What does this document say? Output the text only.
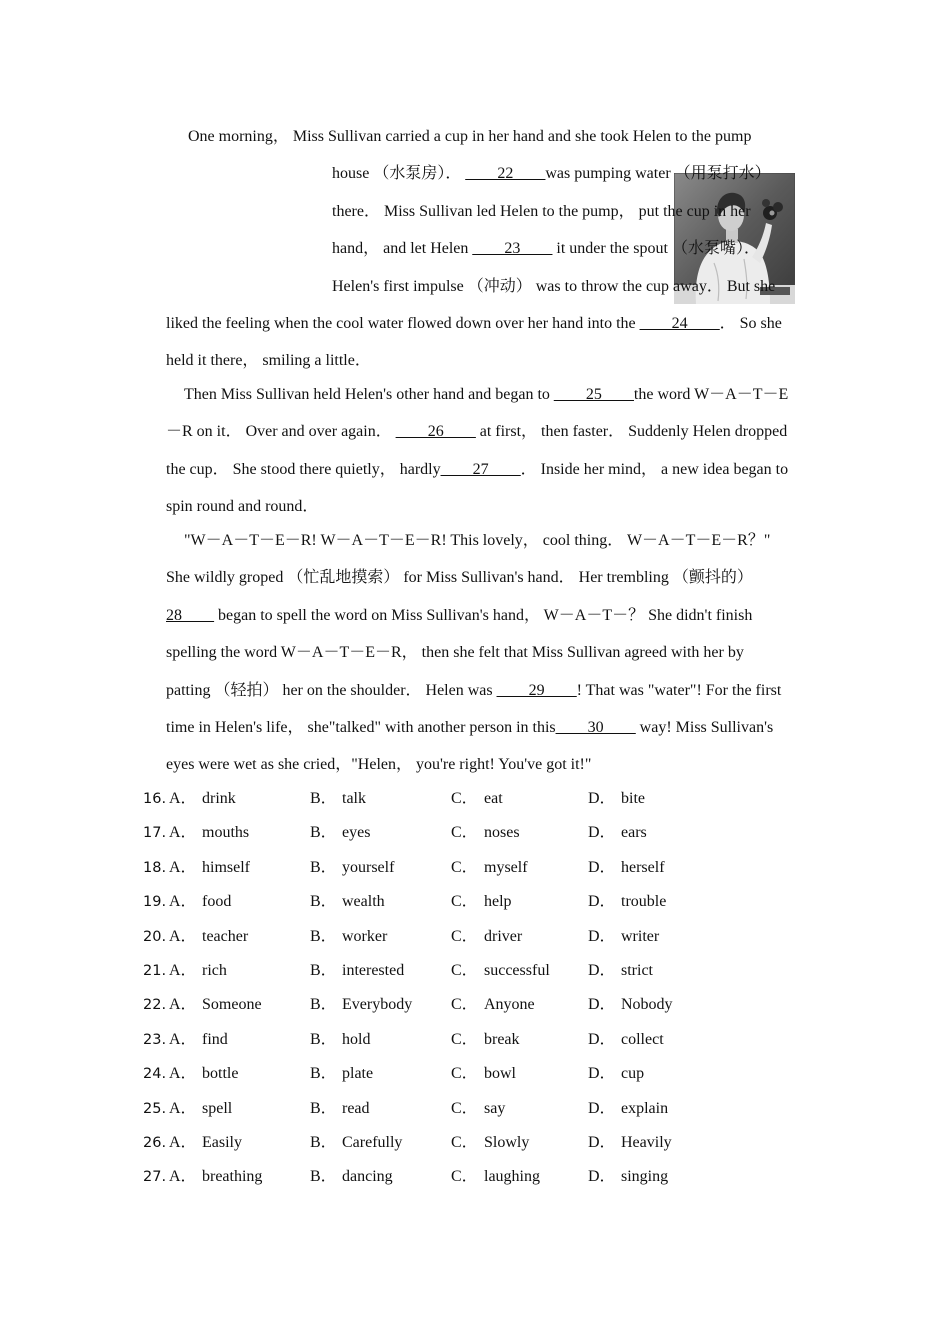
One morning， Miss Sullivan carried a cup in her hand and she took Helen to the pump
house （水泵房）． ____22____was pumping water （用泵打水）
there． Miss Sullivan led Helen to the pump， put the cup in her
hand， and let Helen ____23____ it under the spout （水泵嘴）．
Helen's first impulse （冲动） was to throw the cup away． But she
liked the feeling when the cool water flowed down over her hand into the ____24____． So she
held it there， smiling a little．
Then Miss Sullivan held Helen's other hand and began to ____25____the word W－A－T－E
－R on it． Over and over again． ____26____ at first， then faster． Suddenly Helen dropped
the cup． She stood there quietly， hardly____27____． Inside her mind， a new idea began to
spin round and round．
"W－A－T－E－R! W－A－T－E－R! This lovely， cool thing． W－A－T－E－R？"
She wildly groped （忙乱地摸索） for Miss Sullivan's hand． Her trembling （颤抖的）
28____ began to spell the word on Miss Sullivan's hand， W－A－T－？ She didn't finish
spelling the word W－A－T－E－R， then she felt that Miss Sullivan agreed with her by
patting （轻拍） her on the shoulder． Helen was ____29____! That was "water"! For the first
time in Helen's life， she"talked" with another person in this____30____ way! Miss Sullivan's
eyes were wet as she cried，"Helen， you're right! You've got it!"
16. A． drink	B． talk	C． eat	D． bite
17. A． mouths	B． eyes	C． noses	D． ears
18. A． himself	B． yourself	C． myself	D． herself
19. A． food	B． wealth	C． help	D． trouble
20. A． teacher	B． worker	C． driver	D． writer
21. A． rich	B． interested	C． successful D． strict
22. A． Someone	B． Everybody C． Anyone	D． Nobody
23. A． find	B． hold	C． break	D． collect
24. A． bottle	B． plate	C． bowl	D． cup
25. A． spell	B． read	C． say	D． explain
26. A． Easily	B． Carefully	C． Slowly	D． Heavily
27. A． breathing	B． dancing	C． laughing	D． singing
